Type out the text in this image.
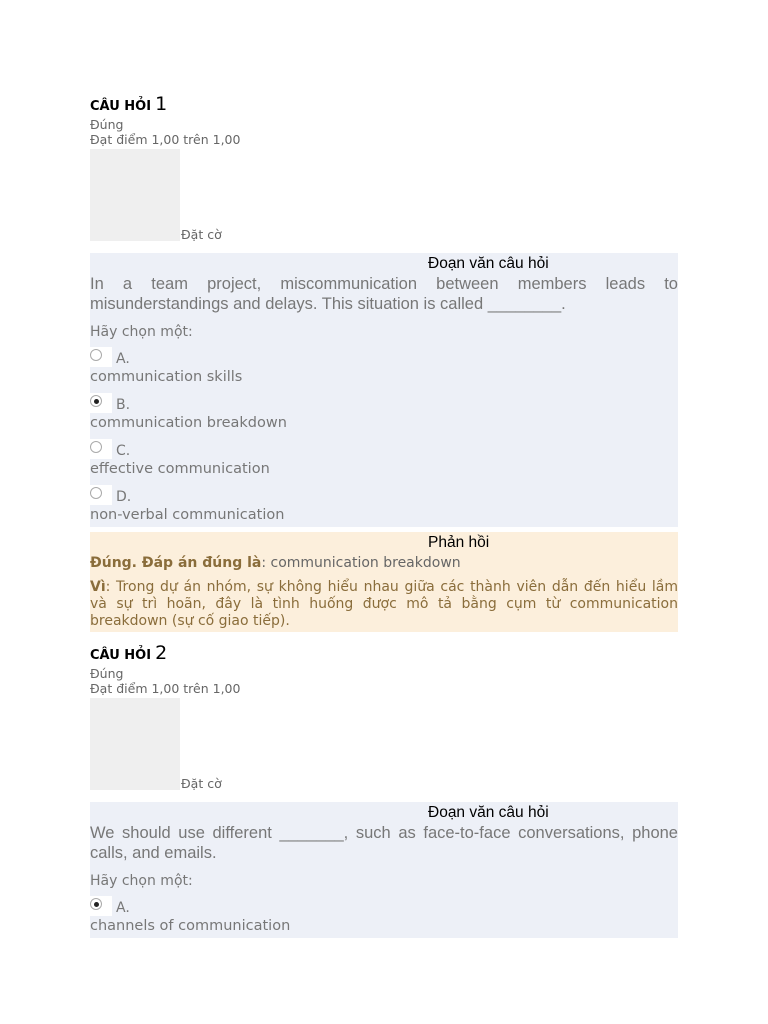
CÂU HỎI 1
Đúng
Đạt điểm 1,00 trên 1,00
Đặt cờ
Đoạn văn câu hỏi
In a team project, miscommunication between members leads to misunderstandings and delays. This situation is called ________.
Hãy chọn một:
A.
communication skills
B.
communication breakdown
C.
effective communication
D.
non-verbal communication
Phản hồi
Đúng. Đáp án đúng là: communication breakdown
Vì: Trong dự án nhóm, sự không hiểu nhau giữa các thành viên dẫn đến hiểu lầm và sự trì hoãn, đây là tình huống được mô tả bằng cụm từ communication breakdown (sự cố giao tiếp).
CÂU HỎI 2
Đúng
Đạt điểm 1,00 trên 1,00
Đặt cờ
Đoạn văn câu hỏi
We should use different _______, such as face-to-face conversations, phone calls, and emails.
Hãy chọn một:
A.
channels of communication
